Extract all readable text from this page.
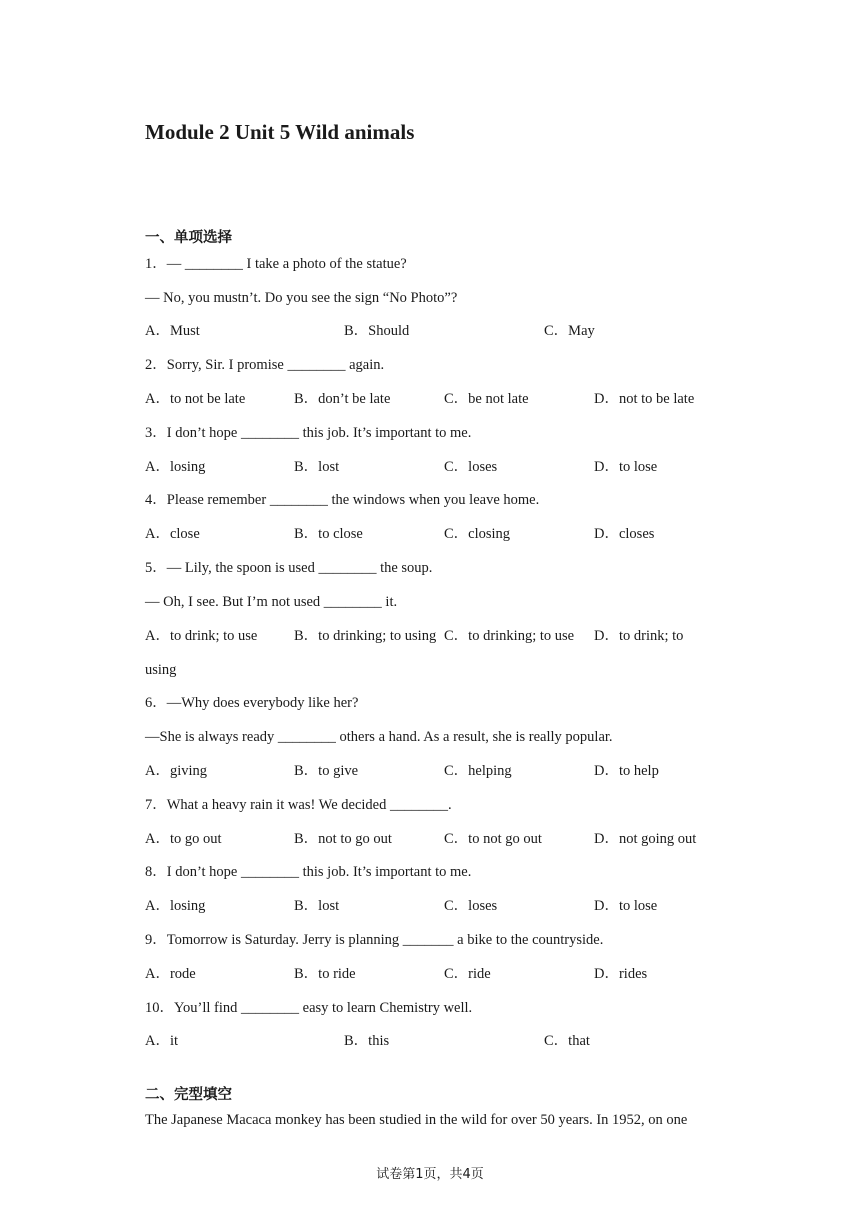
Module 2 Unit 5 Wild animals
一、单项选择
1．— ________ I take a photo of the statue?
— No, you mustn’t. Do you see the sign “No Photo”?
A．Must	B．Should	C．May
2．Sorry, Sir. I promise ________ again.
A．to not be late	B．don’t be late	C．be not late	D．not to be late
3．I don’t hope ________ this job. It’s important to me.
A．losing	B．lost	C．loses	D．to lose
4．Please remember ________ the windows when you leave home.
A．close	B．to close	C．closing	D．closes
5．— Lily, the spoon is used ________ the soup.
— Oh, I see. But I’m not used ________ it.
A．to drink; to use	B．to drinking; to using C．to drinking; to use D．to drink; to
using
6．—Why does everybody like her?
—She is always ready ________ others a hand. As a result, she is really popular.
A．giving	B．to give	C．helping	D．to help
7．What a heavy rain it was! We decided ________.
A．to go out	B．not to go out	C．to not go out	D．not going out
8．I don’t hope ________ this job. It’s important to me.
A．losing	B．lost	C．loses	D．to lose
9．Tomorrow is Saturday. Jerry is planning _______ a bike to the countryside.
A．rode	B．to ride	C．ride	D．rides
10．You’ll find ________ easy to learn Chemistry well.
A．it	B．this	C．that
二、完型填空
The Japanese Macaca monkey has been studied in the wild for over 50 years. In 1952, on one
试卷第1页，共4页
